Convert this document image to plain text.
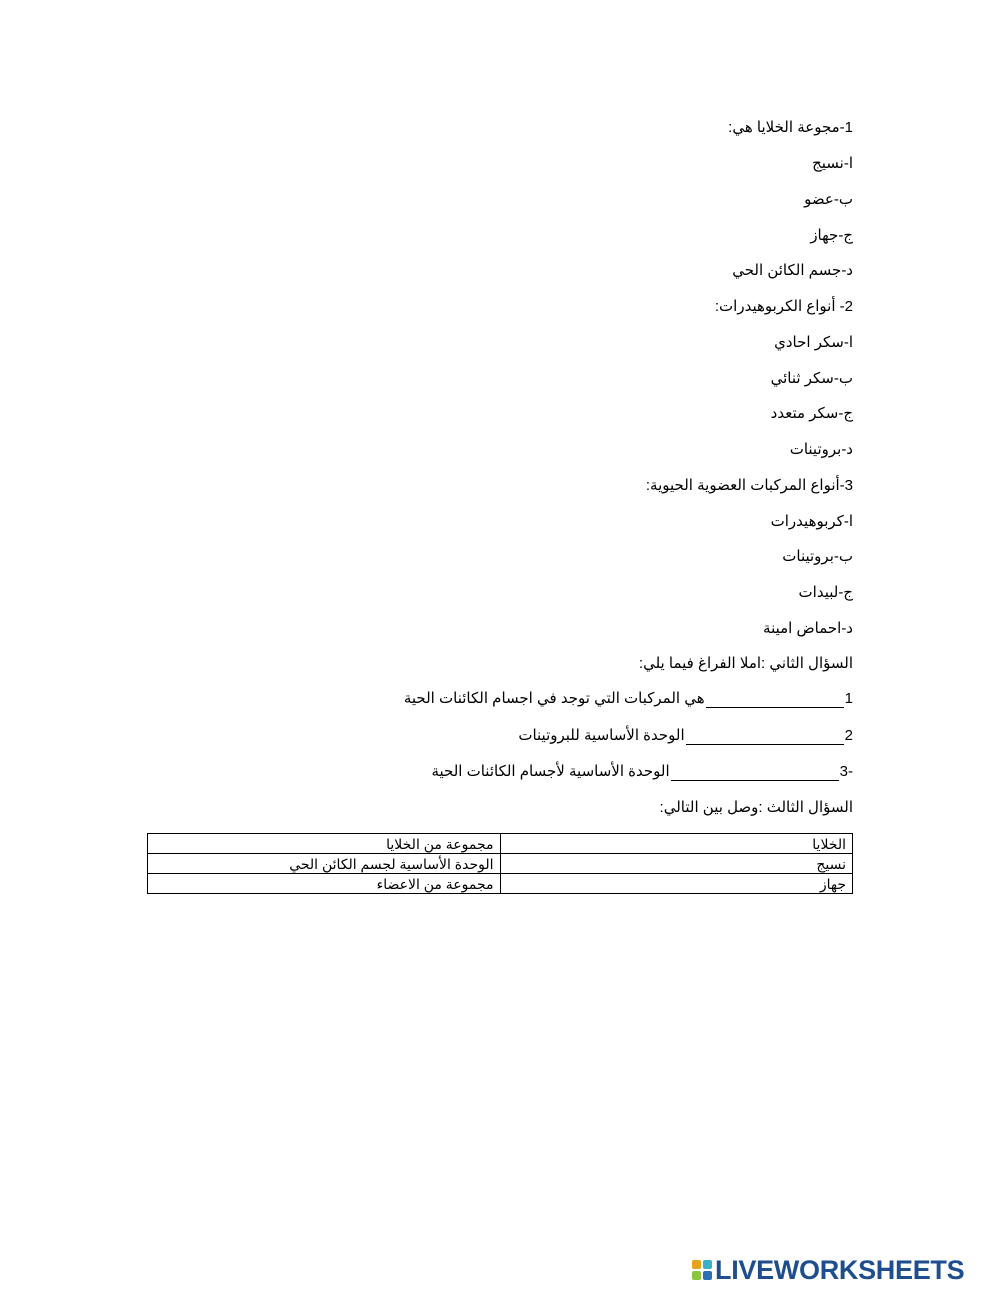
1-مجوعة الخلايا هي:
ا-نسيج
ب-عضو
ج-جهاز
د-جسم الكائن الحي
2- أنواع الكربوهيدرات:
ا-سكر احادي
ب-سكر ثنائي
ج-سكر متعدد
د-بروتينات
3-أنواع المركبات العضوية الحيوية:
ا-كربوهيدرات
ب-بروتينات
ج-لبيدات
د-احماض امينة
السؤال الثاني :املا الفراغ فيما يلي:
1هي المركبات التي توجد في اجسام الكائنات الحية
2الوحدة الأساسية للبروتينات
-3الوحدة الأساسية لأجسام الكائنات الحية
السؤال الثالث :وصل بين التالي:
الخلايا	مجموعة من الخلايا
نسيج	الوحدة الأساسية لجسم الكائن الحي
جهاز	مجموعة من الاعضاء
LIVEWORKSHEETS
